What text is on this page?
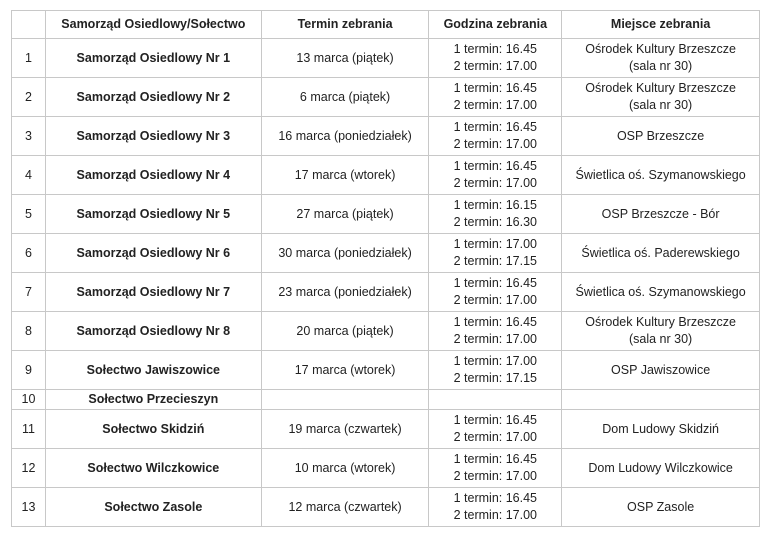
	Samorząd Osiedlowy/Sołectwo	Termin zebrania	Godzina zebrania	Miejsce zebrania

1	Samorząd Osiedlowy Nr 1	13 marca (piątek)	1 termin: 16.45
2 termin: 17.00	Ośrodek Kultury Brzeszcze
(sala nr 30)

2	Samorząd Osiedlowy Nr 2	6 marca (piątek)	1 termin: 16.45
2 termin: 17.00	Ośrodek Kultury Brzeszcze
(sala nr 30)

3	Samorząd Osiedlowy Nr 3	16 marca (poniedziałek)	1 termin: 16.45
2 termin: 17.00	OSP Brzeszcze

4	Samorząd Osiedlowy Nr 4	17 marca (wtorek)	1 termin: 16.45
2 termin: 17.00	Świetlica oś. Szymanowskiego

5	Samorząd Osiedlowy Nr 5	27 marca (piątek)	1 termin: 16.15
2 termin: 16.30	OSP Brzeszcze - Bór

6	Samorząd Osiedlowy Nr 6	30 marca (poniedziałek)	1 termin: 17.00
2 termin: 17.15	Świetlica oś. Paderewskiego

7	Samorząd Osiedlowy Nr 7	23 marca (poniedziałek)	1 termin: 16.45
2 termin: 17.00	Świetlica oś. Szymanowskiego

8	Samorząd Osiedlowy Nr 8	20 marca (piątek)	1 termin: 16.45
2 termin: 17.00	Ośrodek Kultury Brzeszcze
(sala nr 30)

9	Sołectwo Jawiszowice	17 marca (wtorek)	1 termin: 17.00
2 termin: 17.15	OSP Jawiszowice

10	Sołectwo Przecieszyn			

11	Sołectwo Skidziń	19 marca (czwartek)	1 termin: 16.45
2 termin: 17.00	Dom Ludowy Skidziń

12	Sołectwo Wilczkowice	10 marca (wtorek)	1 termin: 16.45
2 termin: 17.00	Dom Ludowy Wilczkowice

13	Sołectwo Zasole	12 marca (czwartek)	1 termin: 16.45
2 termin: 17.00	OSP Zasole
